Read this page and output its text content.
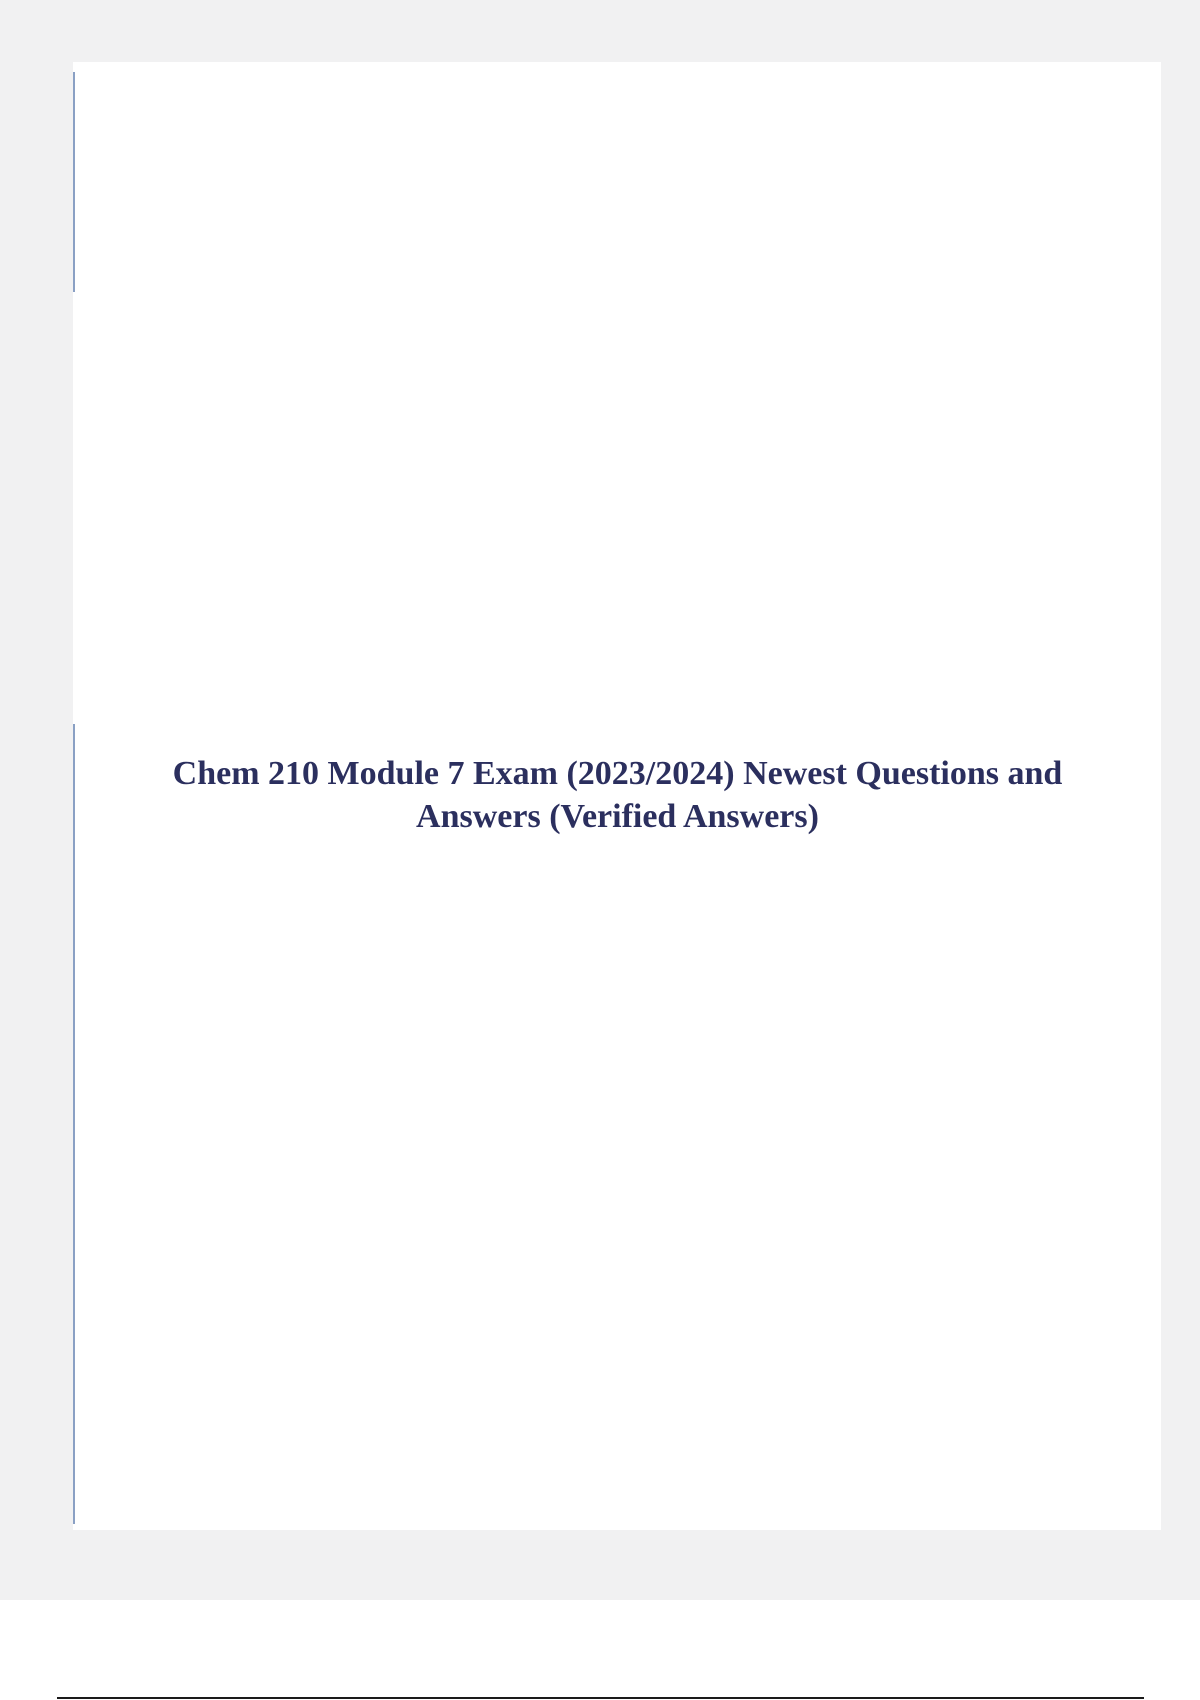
Chem 210 Module 7 Exam (2023/2024) Newest Questions and Answers (Verified Answers)
